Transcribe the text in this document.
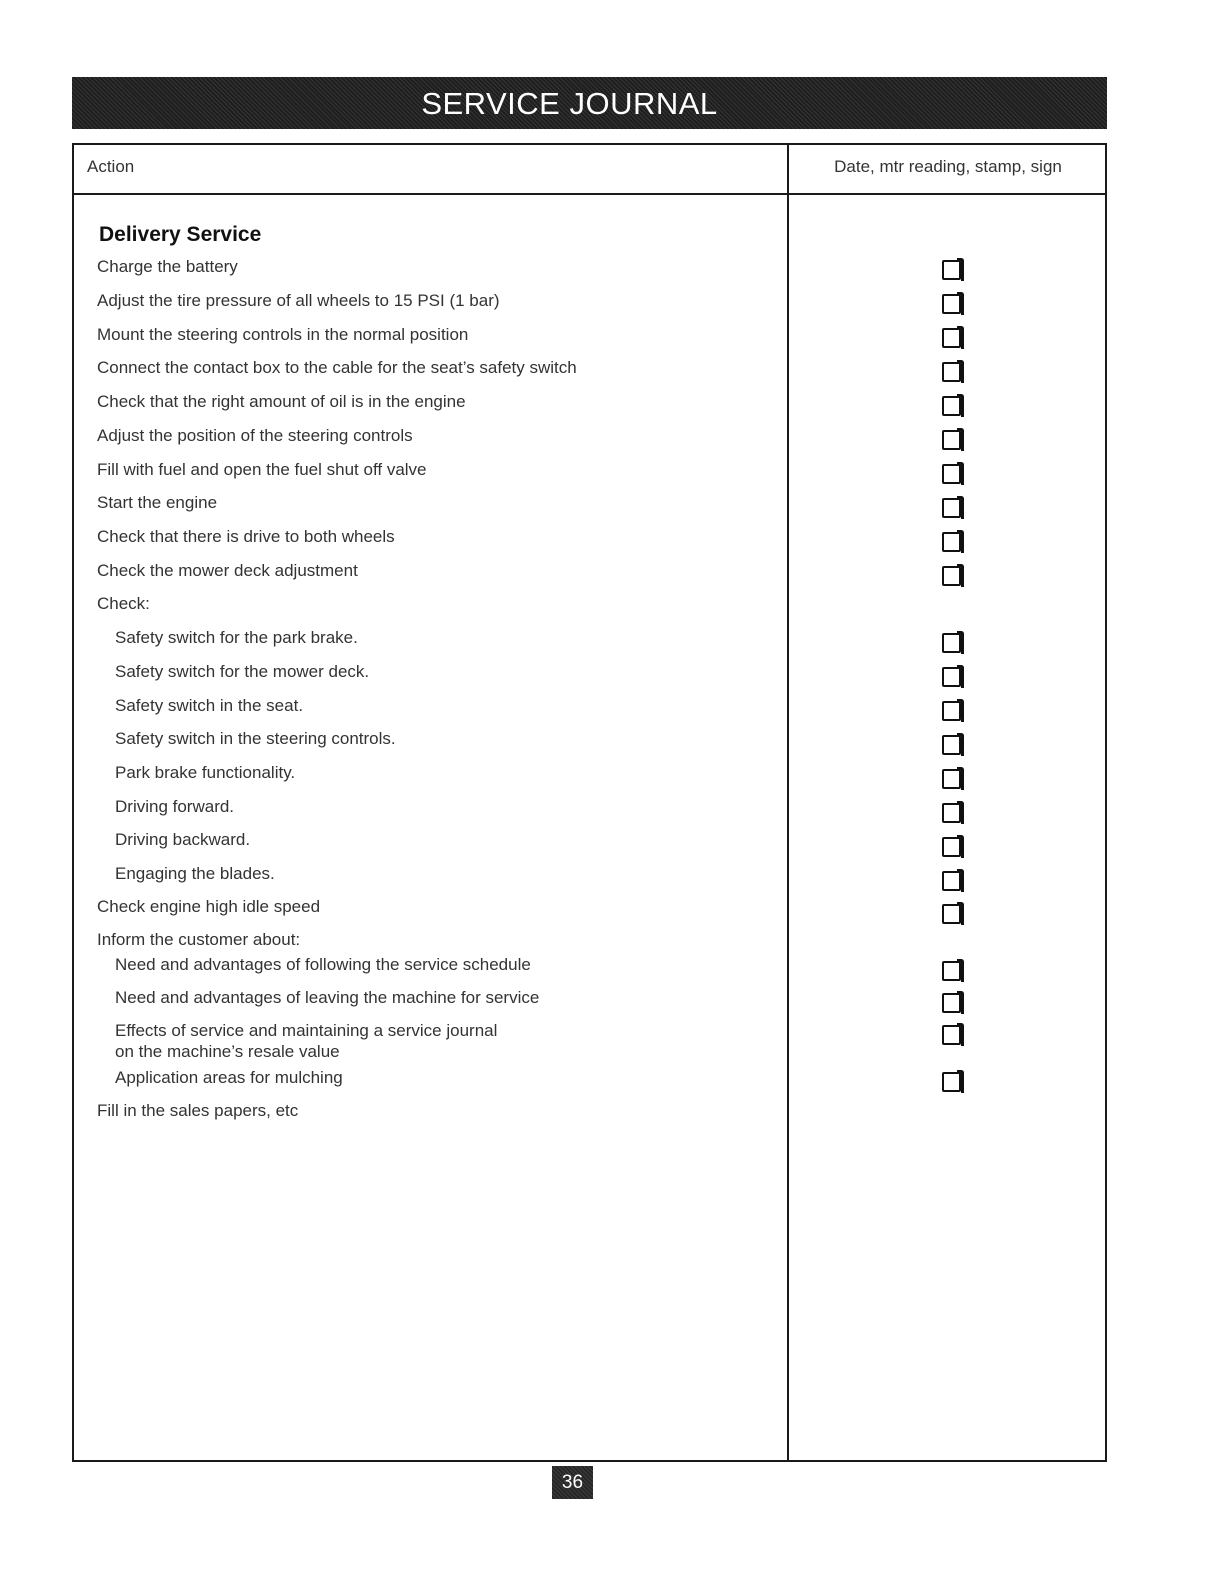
SERVICE JOURNAL
Action	Date, mtr reading, stamp, sign
Delivery Service
Charge the battery
Adjust the tire pressure of all wheels to 15 PSI (1 bar)
Mount the steering controls in the normal position
Connect the contact box to the cable for the seat’s safety switch
Check that the right amount of oil is in the engine
Adjust the position of the steering controls
Fill with fuel and open the fuel shut off valve
Start the engine
Check that there is drive to both wheels
Check the mower deck adjustment
Check:
Safety switch for the park brake.
Safety switch for the mower deck.
Safety switch in the seat.
Safety switch in the steering controls.
Park brake functionality.
Driving forward.
Driving backward.
Engaging the blades.
Check engine high idle speed
Inform the customer about:
Need and advantages of following the service schedule
Need and advantages of leaving the machine for service
Effects of service and maintaining a service journal
on the machine’s resale value
Application areas for mulching
Fill in the sales papers, etc
36
